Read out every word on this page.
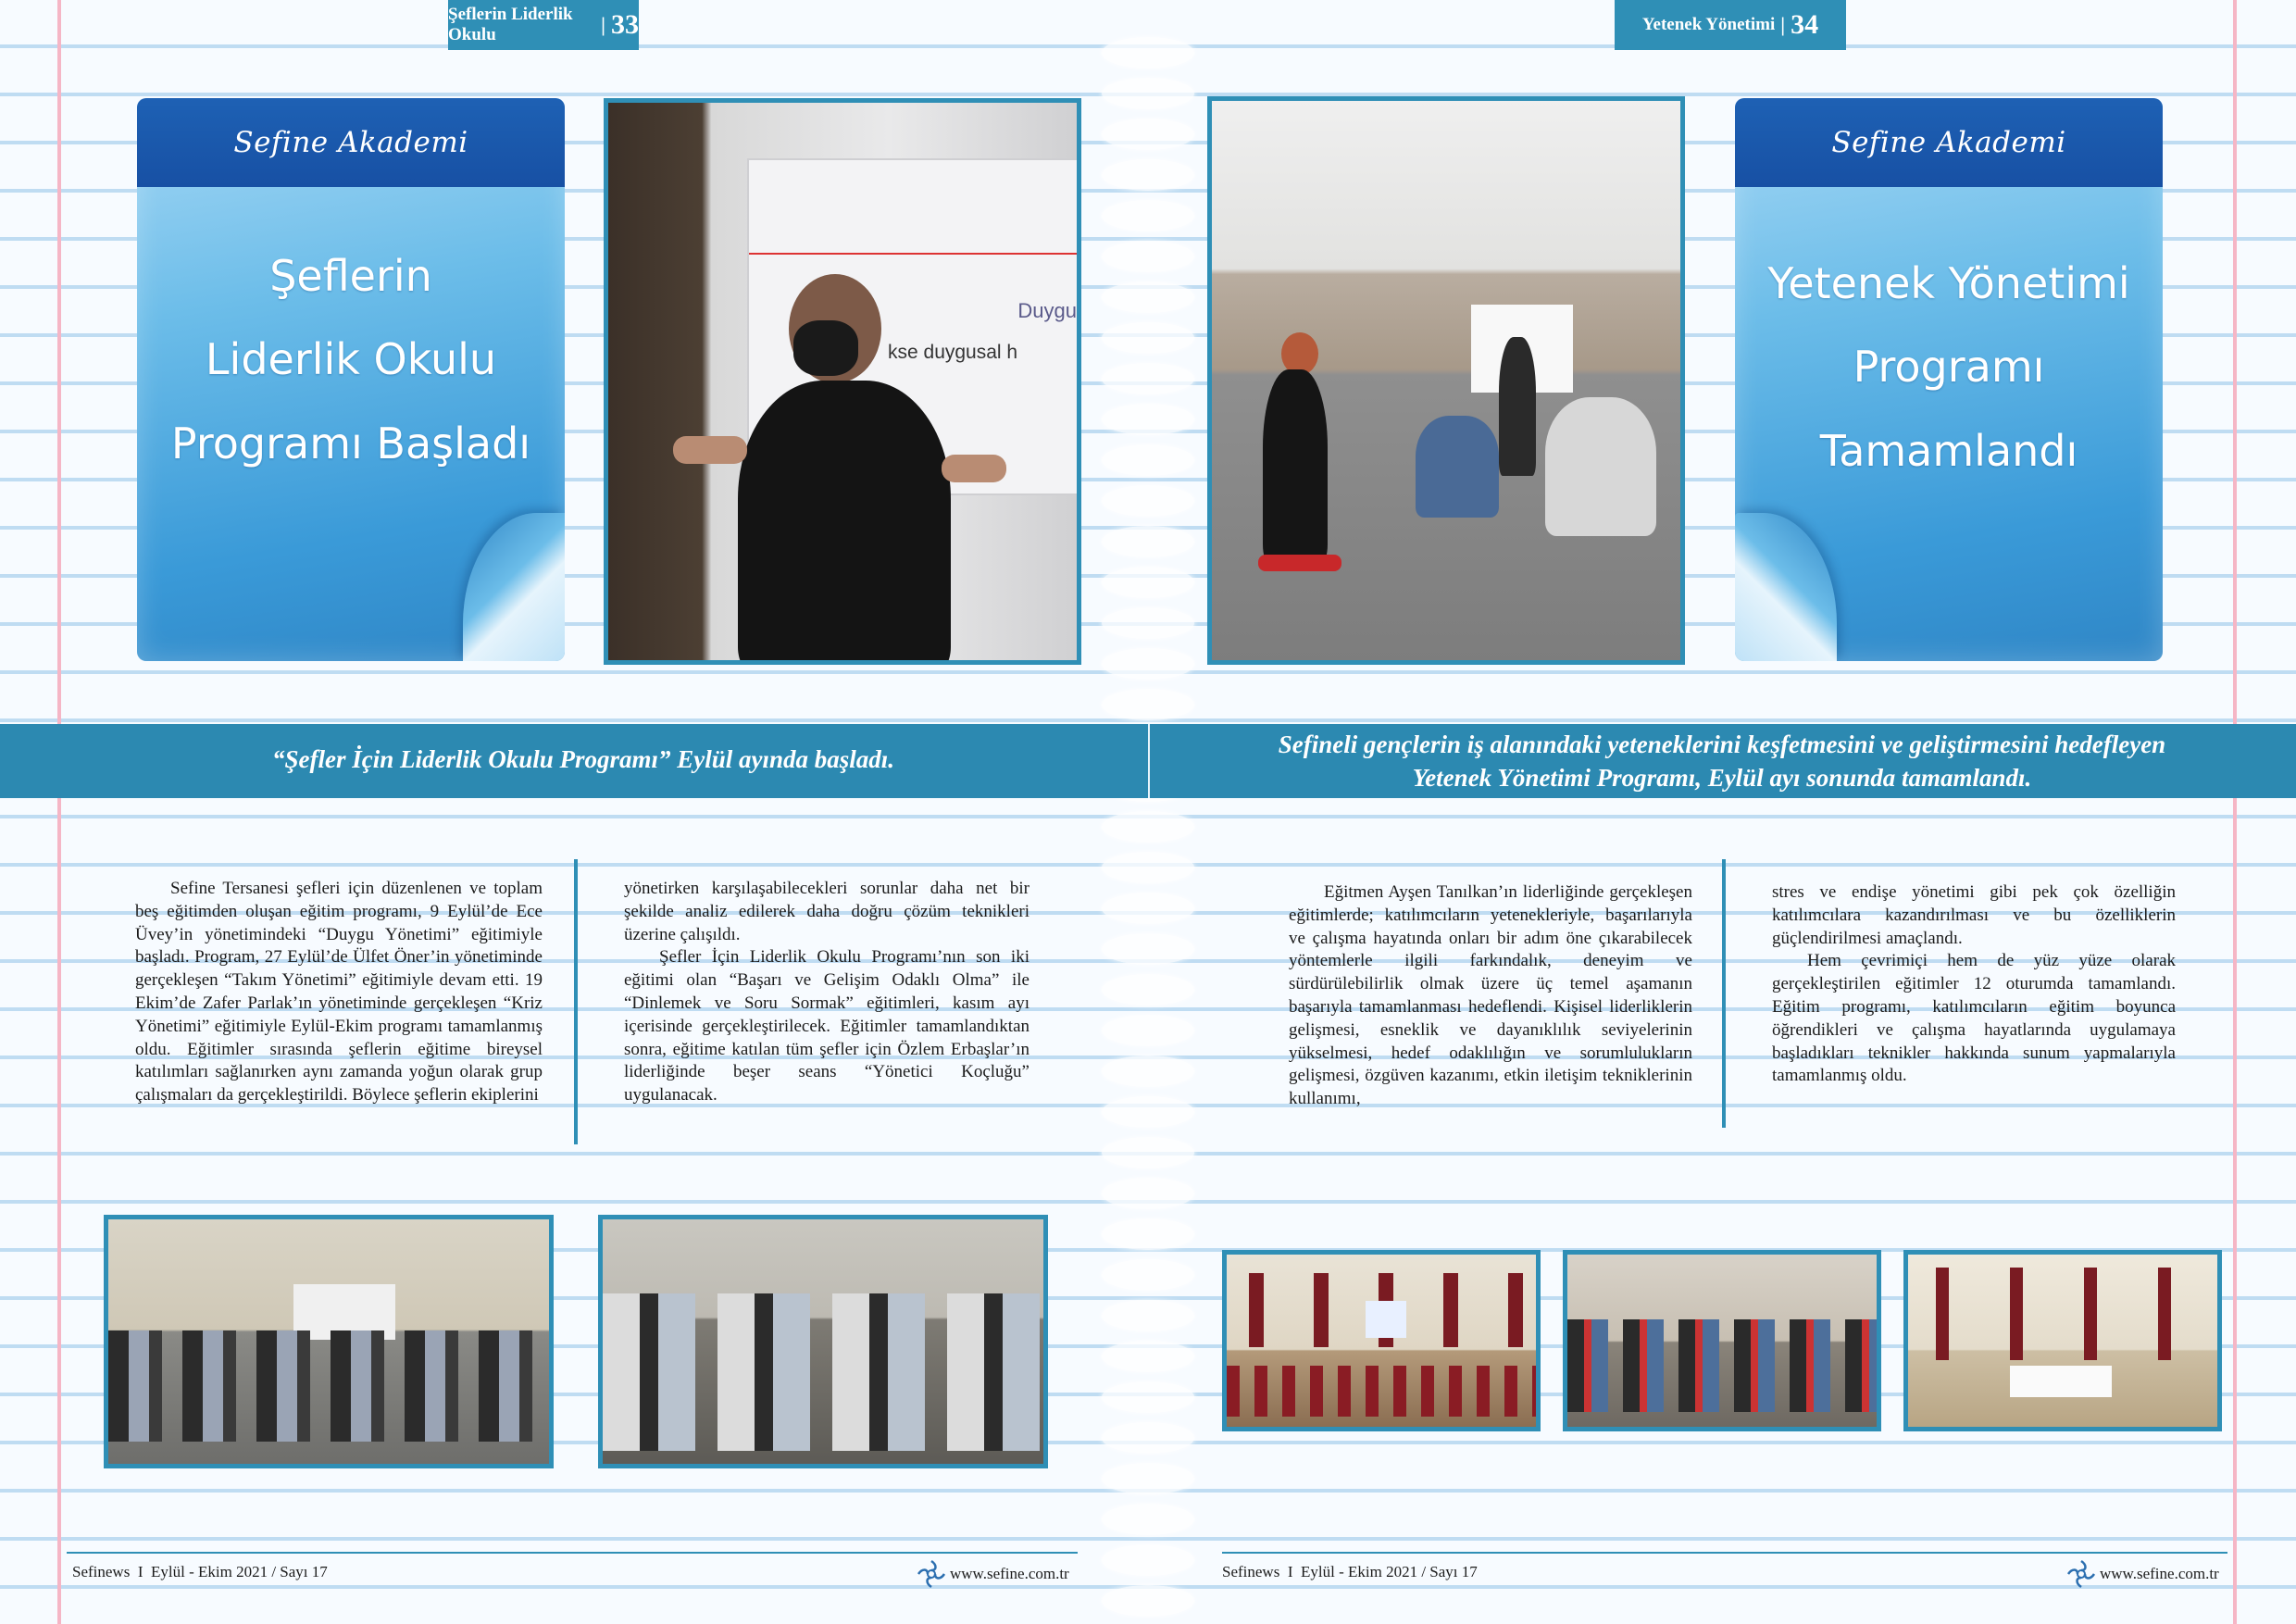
Şeflerin Liderlik Okulu	| 33
Sefine Akademi
Şeflerin
Liderlik Okulu
Programı Başladı
Duygu
kse duygusal h

Sefine Tersanesi şefleri için düzenlenen ve toplam beş eğitimden oluşan eğitim programı, 9 Eylül’de Ece Üvey’in yönetimindeki “Duygu Yönetimi” eğitimiyle başladı. Program, 27 Eylül’de Ülfet Öner’in yönetiminde gerçekleşen “Takım Yönetimi” eğitimiyle devam etti. 19 Ekim’de Zafer Parlak’ın yönetiminde gerçekleşen “Kriz Yönetimi” eğitimiyle Eylül-Ekim programı tamamlanmış oldu. Eğitimler sırasında şeflerin eğitime bireysel katılımları sağlanırken aynı zamanda yoğun olarak grup çalışmaları da gerçekleştirildi. Böylece şeflerin ekiplerini

yönetirken karşılaşabilecekleri sorunlar daha net bir şekilde analiz edilerek daha doğru çözüm teknikleri üzerine çalışıldı.

Şefler İçin Liderlik Okulu Programı’nın son iki eğitimi olan “Başarı ve Gelişim Odaklı Olma” ile “Dinlemek ve Soru Sormak” eğitimleri, kasım ayı içerisinde gerçekleştirilecek. Eğitimler tamamlandıktan sonra, eğitime katılan tüm şefler için Özlem Erbaşlar’ın liderliğinde beşer seans “Yönetici Koçluğu” uygulanacak.

Sefinews I Eylül - Ekim 2021 / Sayı 17	www.sefine.com.tr
Yetenek Yönetimi | 34
Sefine Akademi
Yetenek Yönetimi
Programı
Tamamlandı

Eğitmen Ayşen Tanılkan’ın liderliğinde gerçekleşen eğitimlerde; katılımcıların yetenekleriyle, başarılarıyla ve çalışma hayatında onları bir adım öne çıkarabilecek yöntemlerle ilgili farkındalık, deneyim ve sürdürülebilirlik olmak üzere üç temel aşamanın başarıyla tamamlanması hedeflendi. Kişisel liderliklerin gelişmesi, esneklik ve dayanıklılık seviyelerinin yükselmesi, hedef odaklılığın ve sorumlulukların gelişmesi, özgüven kazanımı, etkin iletişim tekniklerinin kullanımı,

stres ve endişe yönetimi gibi pek çok özelliğin katılımcılara kazandırılması ve bu özelliklerin güçlendirilmesi amaçlandı.

Hem çevrimiçi hem de yüz yüze olarak gerçekleştirilen eğitimler 12 oturumda tamamlandı. Eğitim programı, katılımcıların eğitim boyunca öğrendikleri ve çalışma hayatlarında uygulamaya başladıkları teknikler hakkında sunum yapmalarıyla tamamlanmış oldu.

Sefinews I Eylül - Ekim 2021 / Sayı 17	www.sefine.com.tr
“Şefler İçin Liderlik Okulu Programı” Eylül ayında başladı.
Sefineli gençlerin iş alanındaki yeteneklerini keşfetmesini ve geliştirmesini hedefleyen
Yetenek Yönetimi Programı, Eylül ayı sonunda tamamlandı.
